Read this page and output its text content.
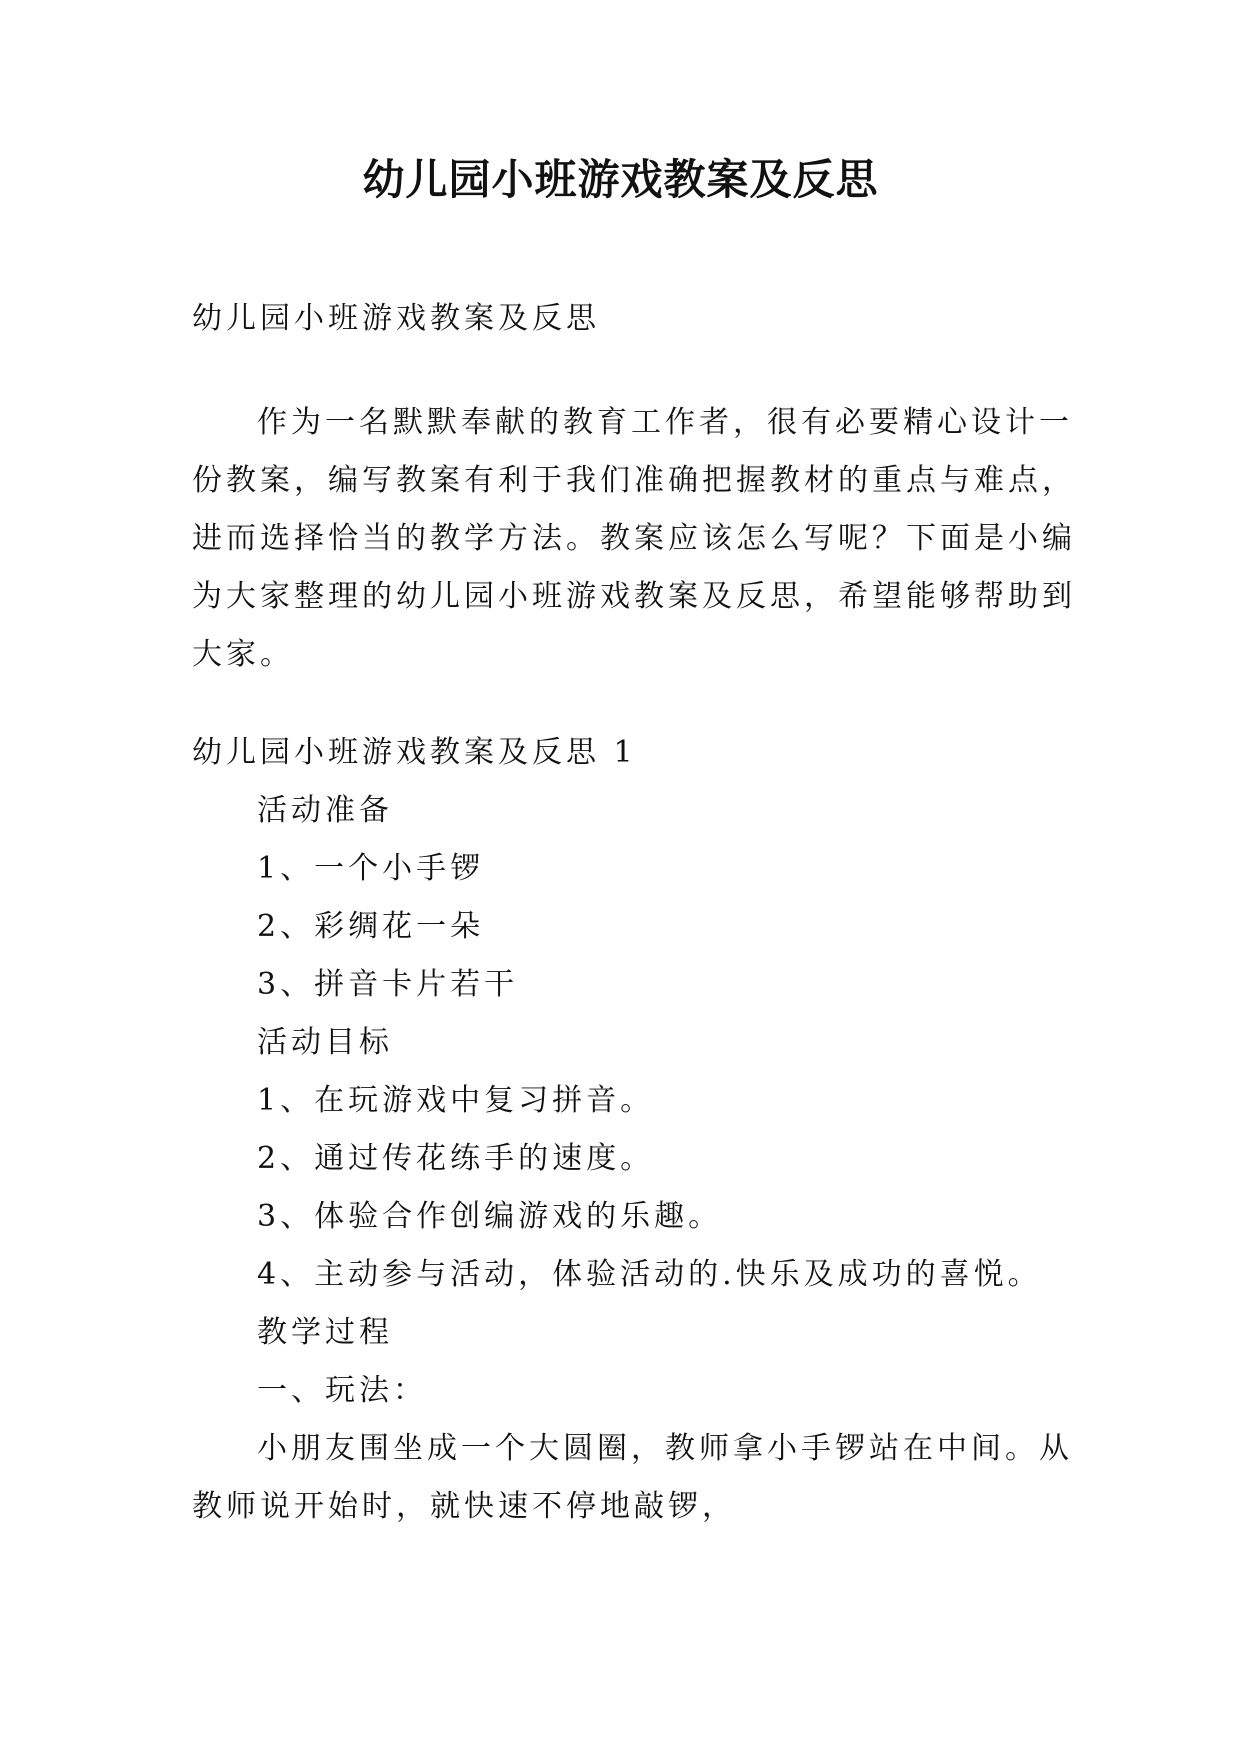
幼儿园小班游戏教案及反思
幼儿园小班游戏教案及反思
作为一名默默奉献的教育工作者，很有必要精心设计一
份教案，编写教案有利于我们准确把握教材的重点与难点，
进而选择恰当的教学方法。教案应该怎么写呢？下面是小编
为大家整理的幼儿园小班游戏教案及反思，希望能够帮助到
大家。
幼儿园小班游戏教案及反思 1
活动准备
1、一个小手锣
2、彩绸花一朵
3、拼音卡片若干
活动目标
1、在玩游戏中复习拼音。
2、通过传花练手的速度。
3、体验合作创编游戏的乐趣。
4、主动参与活动，体验活动的.快乐及成功的喜悦。
教学过程
一、玩法：
小朋友围坐成一个大圆圈，教师拿小手锣站在中间。从
教师说开始时，就快速不停地敲锣，
